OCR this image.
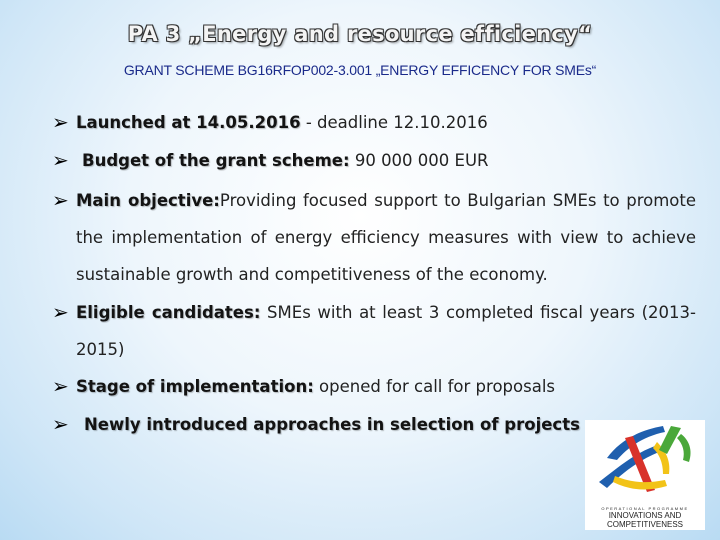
PA 3 „Energy and resource efficiency“
GRANT SCHEME BG16RFOP002-3.001 „ENERGY EFFICENCY FOR SMEs“
➢ Launched at 14.05.2016 - deadline 12.10.2016
➢ Budget of the grant scheme: 90 000 000 EUR
➢ Main objective:Providing focused support to Bulgarian SMEs to promote the implementation of energy efficiency measures with view to achieve sustainable growth and competitiveness of the economy.
➢ Eligible candidates: SMEs with at least 3 completed fiscal years (2013-2015)
➢ Stage of implementation: opened for call for proposals
➢ Newly introduced approaches in selection of projects
OPERATIONAL PROGRAMME
INNOVATIONS AND
COMPETITIVENESS
